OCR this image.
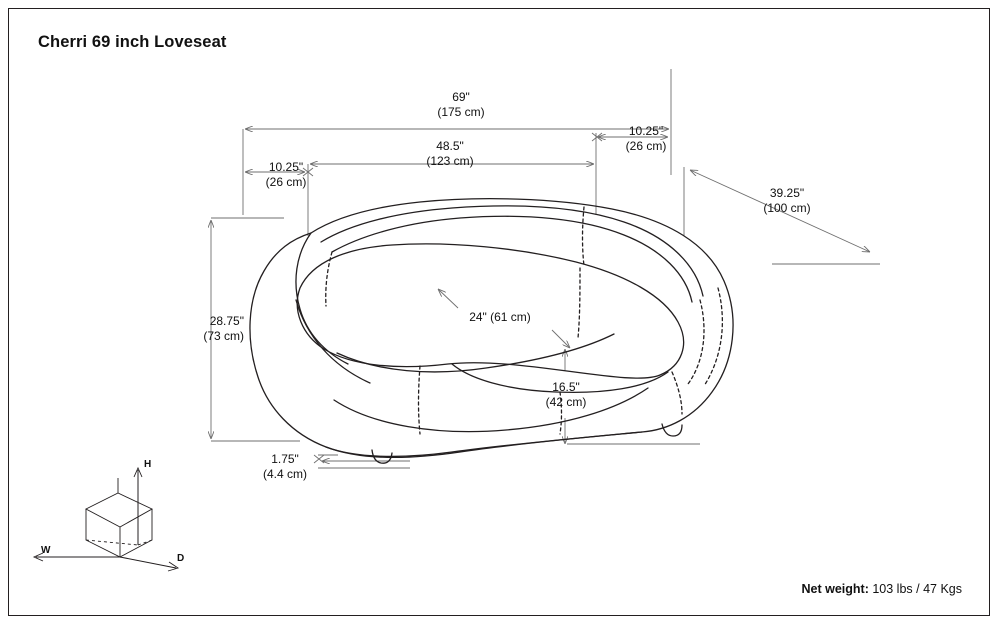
Cherri 69 inch Loveseat
69"
(175 cm)
48.5"
(123 cm)
10.25"
(26 cm)
10.25"
(26 cm)
39.25"
(100 cm)
28.75"
(73 cm)
24" (61 cm)
16.5"
(42 cm)
1.75"
(4.4 cm)
H
W
D
Net weight: 103 lbs / 47 Kgs
